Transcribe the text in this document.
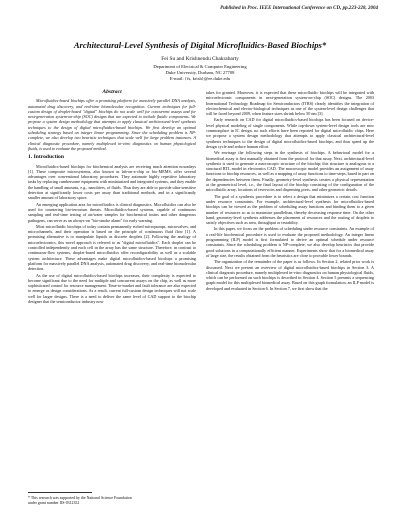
Published in Proc. IEEE International Conference on CD, pp.223-228, 2004
Architectural-Level Synthesis of Digital Microfluidics-Based Biochips*
Fei Su and Krishnendu Chakrabarty
Department of Electrical & Computer Engineering
Duke University, Durham, NC 27708
E-mail: {fs, krish}@ee.duke.edu
Abstract

Microfluidics-based biochips offer a promising platform for massively parallel DNA analysis, automated drug discovery, and real-time biomolecular recognition. Current techniques for full-custom design of droplet-based "digital" biochips do not scale well for concurrent assays and for next-generation system-on-chip (SOC) designs that are expected to include fluidic components. We propose a system design methodology that attempts to apply classical architectural-level synthesis techniques to the design of digital microfluidics-based biochips. We first develop an optimal scheduling strategy based on integer linear programming. Since the scheduling problem is NP-complete, we also develop two heuristic techniques that scale well for large problem instances. A clinical diagnostic procedure, namely multiplexed in-vitro diagnostics on human physiological fluids, is used to evaluate the proposed method.

1. Introduction

Microfluidics-based biochips for biochemical analysis are receiving much attention nowadays [1]. These composite microsystems, also known as lab-on-a-chip or bio-MEMS, offer several advantages over conventional laboratory procedures. They automate highly repetitive laboratory tasks by replacing cumbersome equipment with miniaturized and integrated systems, and they enable the handling of small amounts, e.g., nanoliters, of fluids. Thus they are able to provide ultra-sensitive detection at significantly lower costs per assay than traditional methods, and in a significantly smaller amount of laboratory space.

An emerging application area for microfluidics is clinical diagnostics. Microfluidics can also be used for countering bio-terrorism threats. Microfluidics-based systems, capable of continuous sampling and real-time testing of air/water samples for biochemical toxins and other dangerous pathogens, can serve as an always-on "bio-smoke alarm" for early warning.

Most microfluidic biochips of today contain permanently etched micropumps, microvalves, and microchannels, and their operation is based on the principle of continuous fluid flow [1]. A promising alternative is to manipulate liquids as discrete droplets [2]. Following the analogy of microelectronics, this novel approach is referred to as "digital microfluidics". Each droplet can be controlled independently and each cell in the array has the same structure. Therefore, in contrast to continuous-flow systems, droplet-based microfluidics offer reconfigurability as well as a scalable system architecture. These advantages make digital microfluidics-based biochips a promising platform for massively parallel DNA analysis, automated drug discovery, and real-time biomolecular detection.

As the use of digital microfluidics-based biochips increases, their complexity is expected to become significant due to the need for multiple and concurrent assays on the chip, as well as more sophisticated control for resource management. Time-to-market and fault tolerance are also expected to emerge as design considerations. As a result, current full-custom design techniques will not scale well for larger designs. There is a need to deliver the same level of CAD support to the biochip designer that the semiconductor industry now

takes for granted. Moreover, it is expected that these microfluidic biochips will be integrated with microelectronic components in next-generation system-on-chip (SOC) designs. The 2003 International Technology Roadmap for Semiconductors (ITRS) clearly identifies the integration of electrochemical and electro-biological techniques as one of the system-level design challenges that will be faced beyond 2009, when feature sizes shrink below 50 nm [3].

Early research on CAD for digital microfluidics-based biochips has been focused on device-level physical modeling of single components. While top-down system-level design tools are now commonplace in IC design, no such efforts have been reported for digital microfluidic chips. Here we propose a system design methodology that attempts to apply classical architectural-level synthesis techniques to the design of digital microfluidics-based biochips, and thus speed up the design cycle and reduce human effort.

We envisage the following steps in the synthesis of biochips. A behavioral model for a biomedical assay is first manually obtained from the protocol for that assay. Next, architectural-level synthesis is used to generate a macroscopic structure of the biochip; this structure is analogous to a structural RTL model in electronics CAD. The macroscopic model provides an assignment of assay functions to biochip resources, as well as a mapping of assay functions to time-steps, based in part on the dependencies between them. Finally, geometry-level synthesis creates a physical representation at the geometrical level, i.e., the final layout of the biochip consisting of the configuration of the microfluidic array, locations of reservoirs and dispensing ports, and other geometric details.

The goal of a synthesis procedure is to select a design that minimizes a certain cost function under resource constraints. For example, architectural-level synthesis for microfluidics-based biochips can be viewed as the problem of scheduling assay functions and binding them to a given number of resources so as to maximize parallelism, thereby decreasing response time. On the other hand, geometry-level synthesis addresses the placement of resources and the routing of droplets to satisfy objectives such as area, throughput or testability.

In this paper, we focus on the problem of scheduling under resource constraints. An example of a real-life biochemical procedure is used to evaluate the proposed methodology. An integer linear programming (ILP) model is first formulated to derive an optimal schedule under resource constraints. Since the scheduling problem is NP-complete, we also develop heuristics that provide good solutions in a computationally efficient manner. Experiments show that for a biomedical assay of large size, the results obtained from the heuristics are close to provable lower bounds.

The organization of the remainder of the paper is as follows. In Section 2, related prior work is discussed. Next we present an overview of digital microfluidics-based biochips in Section 3. A clinical diagnosis procedure, namely multiplexed in-vitro diagnostics on human physiological fluids, which can be performed on such biochips is described in Section 4. Section 5 presents a sequencing graph model for this multiplexed biomedical assay. Based on this graph formulation, an ILP model is developed and evaluated in Section 6. In Section 7, we first show that the

* This research was supported by the National Science Foundation
under grant number IIS-0312352
